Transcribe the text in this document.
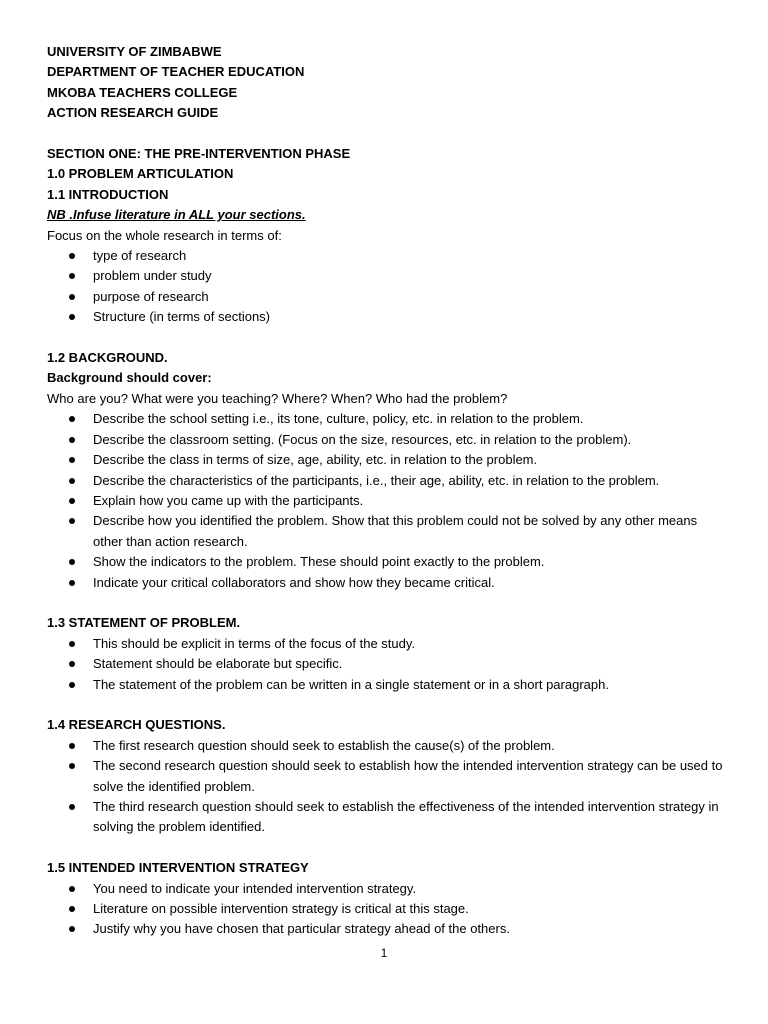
UNIVERSITY OF ZIMBABWE
DEPARTMENT OF TEACHER EDUCATION
MKOBA TEACHERS COLLEGE
ACTION RESEARCH GUIDE
SECTION ONE: THE PRE-INTERVENTION PHASE
1.0 PROBLEM ARTICULATION
1.1 INTRODUCTION
NB .Infuse literature in ALL your sections.
Focus on the whole research in terms of:
type of research
problem under study
purpose of research
Structure (in terms of sections)
1.2 BACKGROUND.
Background should cover:
Who are you? What were you teaching? Where? When? Who had the problem?
Describe the school setting i.e., its tone, culture, policy, etc. in relation to the problem.
Describe the classroom setting. (Focus on the size, resources, etc. in relation to the problem).
Describe the class in terms of size, age, ability, etc. in relation to the problem.
Describe the characteristics of the participants, i.e., their age, ability, etc. in relation to the problem.
Explain how you came up with the participants.
Describe how you identified the problem. Show that this problem could not be solved by any other means other than action research.
Show the indicators to the problem. These should point exactly to the problem.
Indicate your critical collaborators and show how they became critical.
1.3 STATEMENT OF PROBLEM.
This should be explicit in terms of the focus of the study.
Statement should be elaborate but specific.
The statement of the problem can be written in a single statement or in a short paragraph.
1.4 RESEARCH QUESTIONS.
The first research question should seek to establish the cause(s) of the problem.
The second research question should seek to establish how the intended intervention strategy can be used to solve the identified problem.
The third research question should seek to establish the effectiveness of the intended intervention strategy in solving the problem identified.
1.5 INTENDED INTERVENTION STRATEGY
You need to indicate your intended intervention strategy.
Literature on possible intervention strategy is critical at this stage.
Justify why you have chosen that particular strategy ahead of the others.
1
